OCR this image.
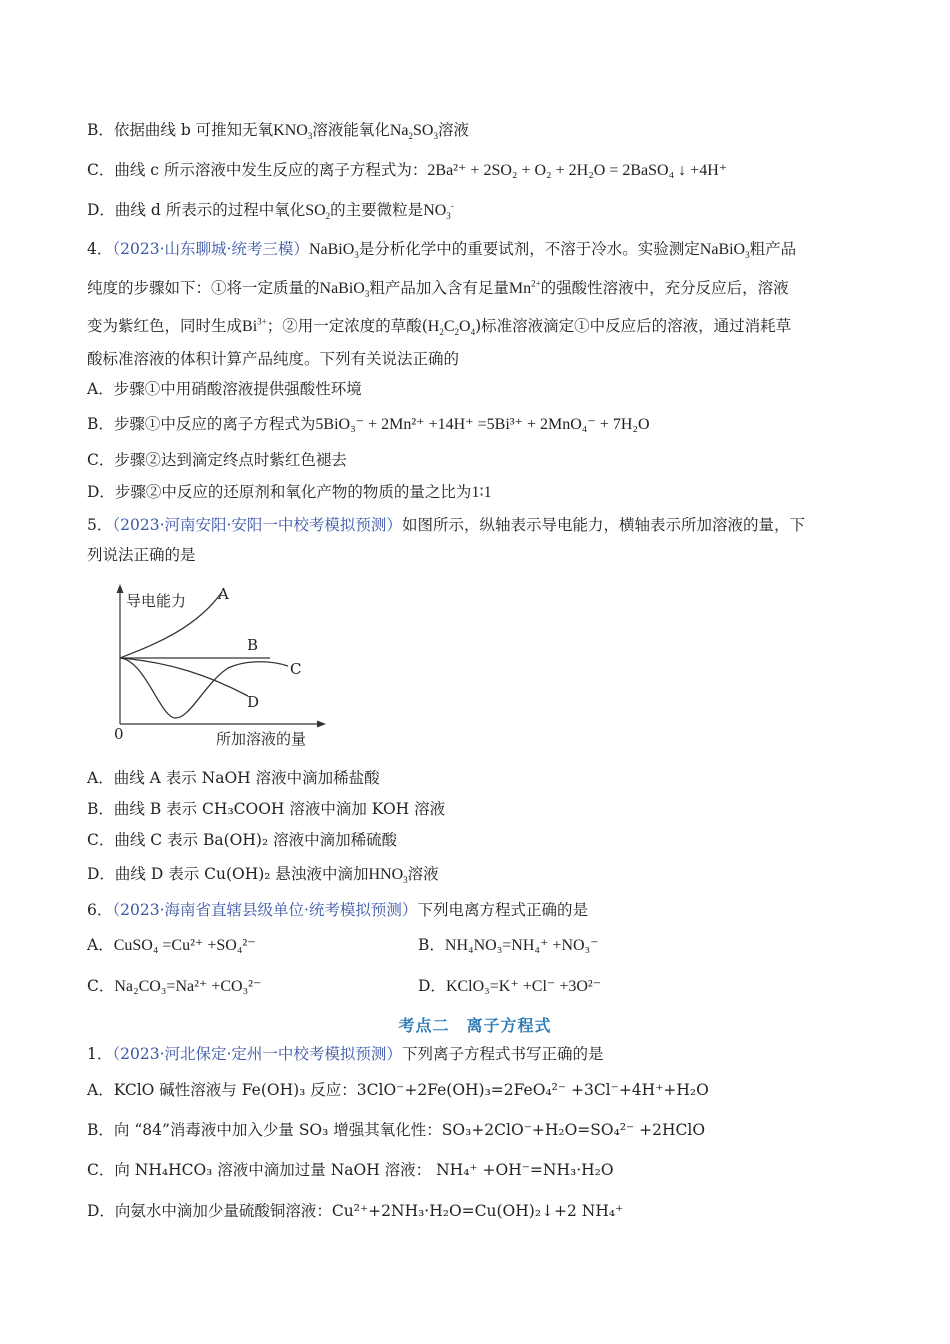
B．依据曲线 b 可推知无氧$KNO_3$溶液能氧化$Na_2SO_3$溶液
C．曲线 c 所示溶液中发生反应的离子方程式为：2Ba²⁺ + 2SO₂ + O₂ + 2H₂O = 2BaSO₄ ↓ +4H⁺
D．曲线 d 所表示的过程中氧化$SO_2$的主要微粒是$NO_3^-$
4．（2023·山东聊城·统考三模）NaBiO$_3$是分析化学中的重要试剂，不溶于冷水。实验测定NaBiO$_3$粗产品
纯度的步骤如下：①将一定质量的NaBiO$_3$粗产品加入含有足量$Mn^{2+}$的强酸性溶液中，充分反应后，溶液
变为紫红色，同时生成$Bi^{3+}$；②用一定浓度的草酸$(H_2C_2O_4)$标准溶液滴定①中反应后的溶液，通过消耗草
酸标准溶液的体积计算产品纯度。下列有关说法正确的
A．步骤①中用硝酸溶液提供强酸性环境
B．步骤①中反应的离子方程式为5BiO₃⁻ + 2Mn²⁺ +14H⁺ =5Bi³⁺ + 2MnO₄⁻ + 7H₂O
C．步骤②达到滴定终点时紫红色褪去
D．步骤②中反应的还原剂和氧化产物的物质的量之比为1∶1
5．（2023·河南安阳·安阳一中校考模拟预测）如图所示，纵轴表示导电能力，横轴表示所加溶液的量，下
列说法正确的是
导电能力
所加溶液的量
0
A
B
C
D
A．曲线 A 表示 NaOH 溶液中滴加稀盐酸
B．曲线 B 表示 CH₃COOH 溶液中滴加 KOH 溶液
C．曲线 C 表示 Ba(OH)₂ 溶液中滴加稀硫酸
D．曲线 D 表示 Cu(OH)₂ 悬浊液中滴加$HNO_3$溶液
6．（2023·海南省直辖县级单位·统考模拟预测）下列电离方程式正确的是
A．CuSO₄ =Cu²⁺ +SO₄²⁻	B．NH₄NO₃=NH₄⁺ +NO₃⁻
C．Na₂CO₃=Na²⁺ +CO₃²⁻	D．KClO₃=K⁺ +Cl⁻ +3O²⁻
考点二　离子方程式
1．（2023·河北保定·定州一中校考模拟预测）下列离子方程式书写正确的是
A．KClO 碱性溶液与 Fe(OH)₃ 反应：3ClO⁻+2Fe(OH)₃=2FeO₄²⁻ +3Cl⁻+4H⁺+H₂O
B．向 “84”消毒液中加入少量 SO₃ 增强其氧化性：SO₃+2ClO⁻+H₂O=SO₄²⁻ +2HClO
C．向 NH₄HCO₃ 溶液中滴加过量 NaOH 溶液： NH₄⁺ +OH⁻=NH₃·H₂O
D．向氨水中滴加少量硫酸铜溶液：Cu²⁺+2NH₃·H₂O=Cu(OH)₂↓+2 NH₄⁺
